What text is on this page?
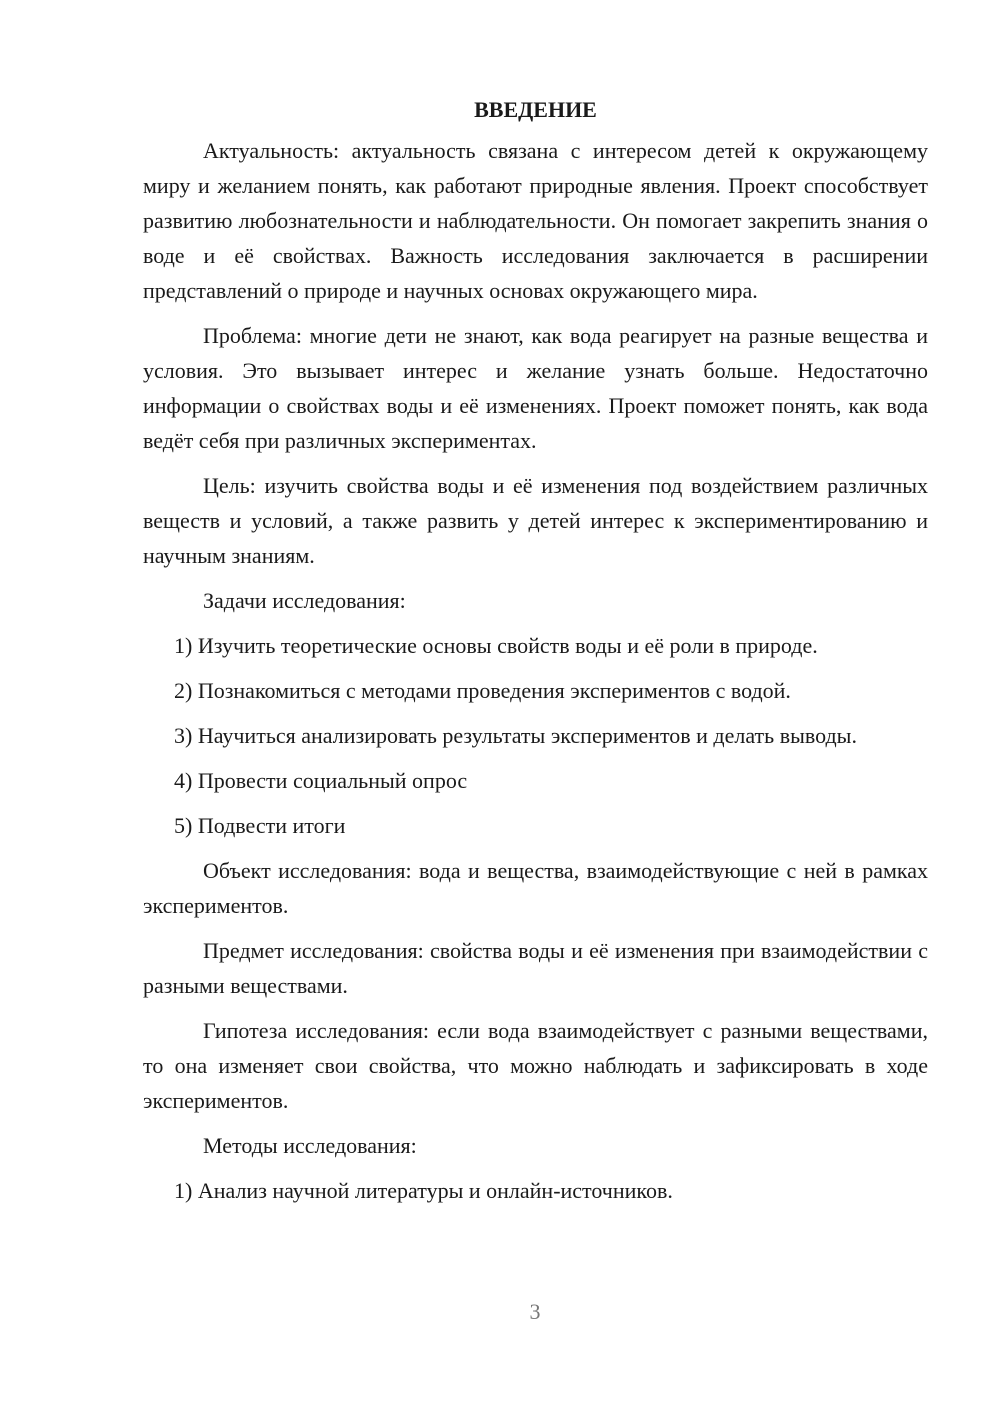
ВВЕДЕНИЕ

Актуальность: актуальность связана с интересом детей к окружающему миру и желанием понять, как работают природные явления. Проект способствует развитию любознательности и наблюдательности. Он помогает закрепить знания о воде и её свойствах. Важность исследования заключается в расширении представлений о природе и научных основах окружающего мира.

Проблема: многие дети не знают, как вода реагирует на разные вещества и условия. Это вызывает интерес и желание узнать больше. Недостаточно информации о свойствах воды и её изменениях. Проект поможет понять, как вода ведёт себя при различных экспериментах.

Цель: изучить свойства воды и её изменения под воздействием различных веществ и условий, а также развить у детей интерес к экспериментированию и научным знаниям.

Задачи исследования:

1) Изучить теоретические основы свойств воды и её роли в природе.

2) Познакомиться с методами проведения экспериментов с водой.

3) Научиться анализировать результаты экспериментов и делать выводы.

4) Провести социальный опрос

5) Подвести итоги

Объект исследования: вода и вещества, взаимодействующие с ней в рамках экспериментов.

Предмет исследования: свойства воды и её изменения при взаимодействии с разными веществами.

Гипотеза исследования: если вода взаимодействует с разными веществами, то она изменяет свои свойства, что можно наблюдать и зафиксировать в ходе экспериментов.

Методы исследования:

1) Анализ научной литературы и онлайн-источников.

3
